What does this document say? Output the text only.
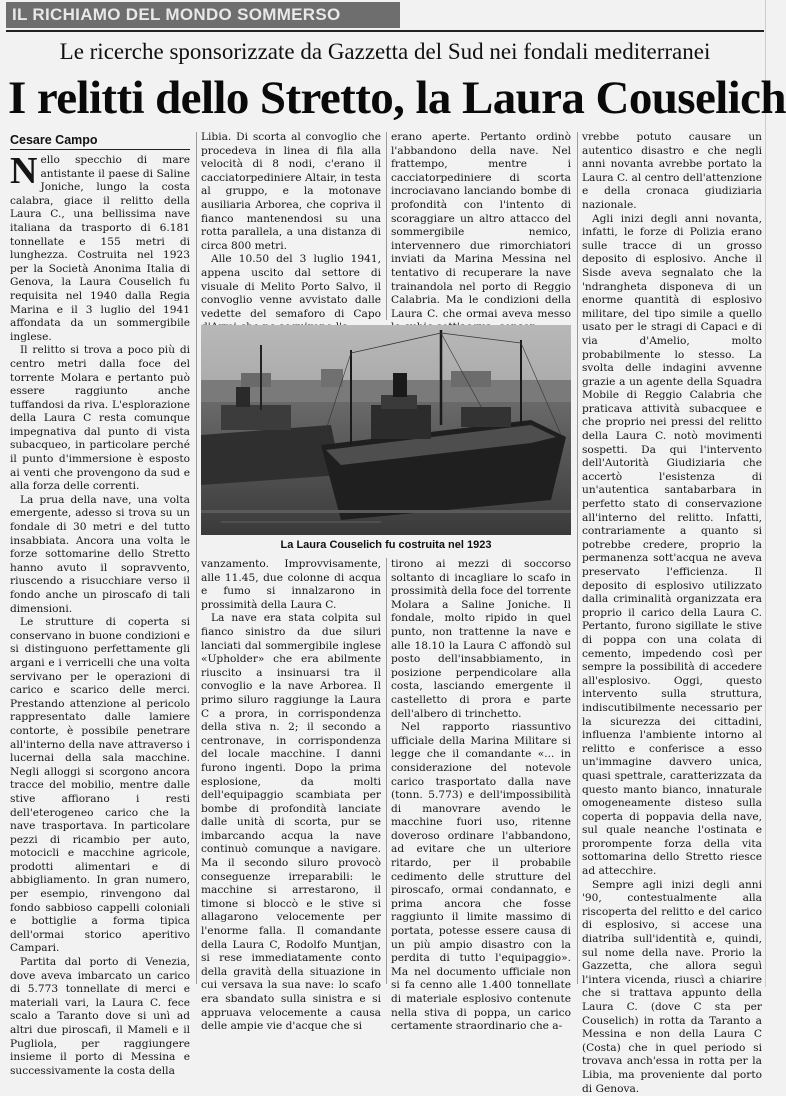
IL RICHIAMO DEL MONDO SOMMERSO
Le ricerche sponsorizzate da Gazzetta del Sud nei fondali mediterranei
I relitti dello Stretto, la Laura Couselich
Cesare Campo

Nello specchio di mare antistante il paese di Saline Joniche, lungo la costa calabra, giace il relitto della Laura C., una bellissima nave italiana da trasporto di 6.181 tonnellate e 155 metri di lunghezza. Costruita nel 1923 per la Società Anonima Italia di Genova, la Laura Couselich fu requisita nel 1940 dalla Regia Marina e il 3 luglio del 1941 affondata da un sommergibile inglese.

Il relitto si trova a poco più di centro metri dalla foce del torrente Molara e pertanto può essere raggiunto anche tuffandosi da riva. L'esplorazione della Laura C resta comunque impegnativa dal punto di vista subacqueo, in particolare perché il punto d'immersione è esposto ai venti che provengono da sud e alla forza delle correnti.

La prua della nave, una volta emergente, adesso si trova su un fondale di 30 metri e del tutto insabbiata. Ancora una volta le forze sottomarine dello Stretto hanno avuto il sopravvento, riuscendo a risucchiare verso il fondo anche un piroscafo di tali dimensioni.

Le strutture di coperta si conservano in buone condizioni e si distinguono perfettamente gli argani e i verricelli che una volta servivano per le operazioni di carico e scarico delle merci. Prestando attenzione al pericolo rappresentato dalle lamiere contorte, è possibile penetrare all'interno della nave attraverso i lucernai della sala macchine. Negli alloggi si scorgono ancora tracce del mobilio, mentre dalle stive affiorano i resti dell'eterogeneo carico che la nave trasportava. In particolare pezzi di ricambio per auto, motocicli e macchine agricole, prodotti alimentari e di abbigliamento. In gran numero, per esempio, rinvengono dal fondo sabbioso cappelli coloniali e bottiglie a forma tipica dell'ormai storico aperitivo Campari.

Partita dal porto di Venezia, dove aveva imbarcato un carico di 5.773 tonnellate di merci e materiali vari, la Laura C. fece scalo a Taranto dove si unì ad altri due piroscafi, il Mameli e il Pugliola, per raggiungere insieme il porto di Messina e successivamente la costa della

Libia. Di scorta al convoglio che procedeva in linea di fila alla velocità di 8 nodi, c'erano il cacciatorpediniere Altair, in testa al gruppo, e la motonave ausiliaria Arborea, che copriva il fianco mantenendosi su una rotta parallela, a una distanza di circa 800 metri.

Alle 10.50 del 3 luglio 1941, appena uscito dal settore di visuale di Melito Porto Salvo, il convoglio venne avvistato dalle vedette del semaforo di Capo

erano aperte. Pertanto ordinò l'abbandono della nave. Nel frattempo, mentre i cacciatorpediniere di scorta incrociavano lanciando bombe di profondità con l'intento di scoraggiare un altro attacco del sommergibile nemico, intervennero due rimorchiatori inviati da Marina Messina nel tentativo di recuperare la nave trainandola nel porto di Reggio Calabria. Ma le condizioni della Laura C. che ormai aveva messo

La Laura Couselich fu costruita nel 1923

vanzamento. Improvvisamente, alle 11.45, due colonne di acqua e fumo si innalzarono in prossimità della Laura C.

La nave era stata colpita sul fianco sinistro da due siluri lanciati dal sommergibile inglese «Upholder» che era abilmente riuscito a insinuarsi tra il convoglio e la nave Arborea. Il primo siluro raggiunge la Laura C a prora, in corrispondenza della stiva n. 2; il secondo a centronave, in corrispondenza del locale macchine. I danni furono ingenti. Dopo la prima esplosione, da molti dell'equipaggio scambiata per bombe di profondità lanciate dalle unità di scorta, pur se imbarcando acqua la nave continuò comunque a navigare. Ma il secondo siluro provocò conseguenze irreparabili: le macchine si arrestarono, il timone si bloccò e le stive si allagarono velocemente per l'enorme falla. Il comandante della Laura C, Rodolfo Muntjan, si rese immediatamente conto della gravità della situazione in cui versava la sua nave: lo scafo era sbandato sulla sinistra e si appruava velocemente a causa delle ampie vie d'acque che si

tirono ai mezzi di soccorso soltanto di incagliare lo scafo in prossimità della foce del torrente Molara a Saline Joniche. Il fondale, molto ripido in quel punto, non trattenne la nave e alle 18.10 la Laura C affondò sul posto dell'insabbiamento, in posizione perpendicolare alla costa, lasciando emergente il castelletto di prora e parte dell'albero di trinchetto.

Nel rapporto riassuntivo ufficiale della Marina Militare si legge che il comandante «... in considerazione del notevole carico trasportato dalla nave (tonn. 5.773) e dell'impossibilità di manovrare avendo le macchine fuori uso, ritenne doveroso ordinare l'abbandono, ad evitare che un ulteriore ritardo, per il probabile cedimento delle strutture del piroscafo, ormai condannato, e prima ancora che fosse raggiunto il limite massimo di portata, potesse essere causa di un più ampio disastro con la perdita di tutto l'equipaggio». Ma nel documento ufficiale non si fa cenno alle 1.400 tonnellate di materiale esplosivo contenute nella stiva di poppa, un carico certamente straordinario che a-

vrebbe potuto causare un autentico disastro e che negli anni novanta avrebbe portato la Laura C. al centro dell'attenzione e della cronaca giudiziaria nazionale.

Agli inizi degli anni novanta, infatti, le forze di Polizia erano sulle tracce di un grosso deposito di esplosivo. Anche il Sisde aveva segnalato che la 'ndrangheta disponeva di un enorme quantità di esplosivo militare, del tipo simile a quello usato per le stragi di Capaci e di via d'Amelio, molto probabilmente lo stesso. La svolta delle indagini avvenne grazie a un agente della Squadra Mobile di Reggio Calabria che praticava attività subacquee e che proprio nei pressi del relitto della Laura C. notò movimenti sospetti. Da qui l'intervento dell'Autorità Giudiziaria che accertò l'esistenza di un'autentica santabarbara in perfetto stato di conservazione all'interno del relitto. Infatti, contrariamente a quanto si potrebbe credere, proprio la permanenza sott'acqua ne aveva preservato l'efficienza. Il deposito di esplosivo utilizzato dalla criminalità organizzata era proprio il carico della Laura C. Pertanto, furono sigillate le stive di poppa con una colata di cemento, impedendo così per sempre la possibilità di accedere all'esplosivo. Oggi, questo intervento sulla struttura, indiscutibilmente necessario per la sicurezza dei cittadini, influenza l'ambiente intorno al relitto e conferisce a esso un'immagine davvero unica, quasi spettrale, caratterizzata da questo manto bianco, innaturale omogeneamente disteso sulla coperta di poppavia della nave, sul quale neanche l'ostinata e prorompente forza della vita sottomarina dello Stretto riesce ad attecchire.

Sempre agli inizi degli anni '90, contestualmente alla riscoperta del relitto e del carico di esplosivo, si accese una diatriba sull'identità e, quindi, sul nome della nave. Prorio la Gazzetta, che allora seguì l'intera vicenda, riuscì a chiarire che si trattava appunto della Laura C. (dove C sta per Couselich) in rotta da Taranto a Messina e non della Laura C (Costa) che in quel periodo si trovava anch'essa in rotta per la Libia, ma proveniente dal porto di Genova.
